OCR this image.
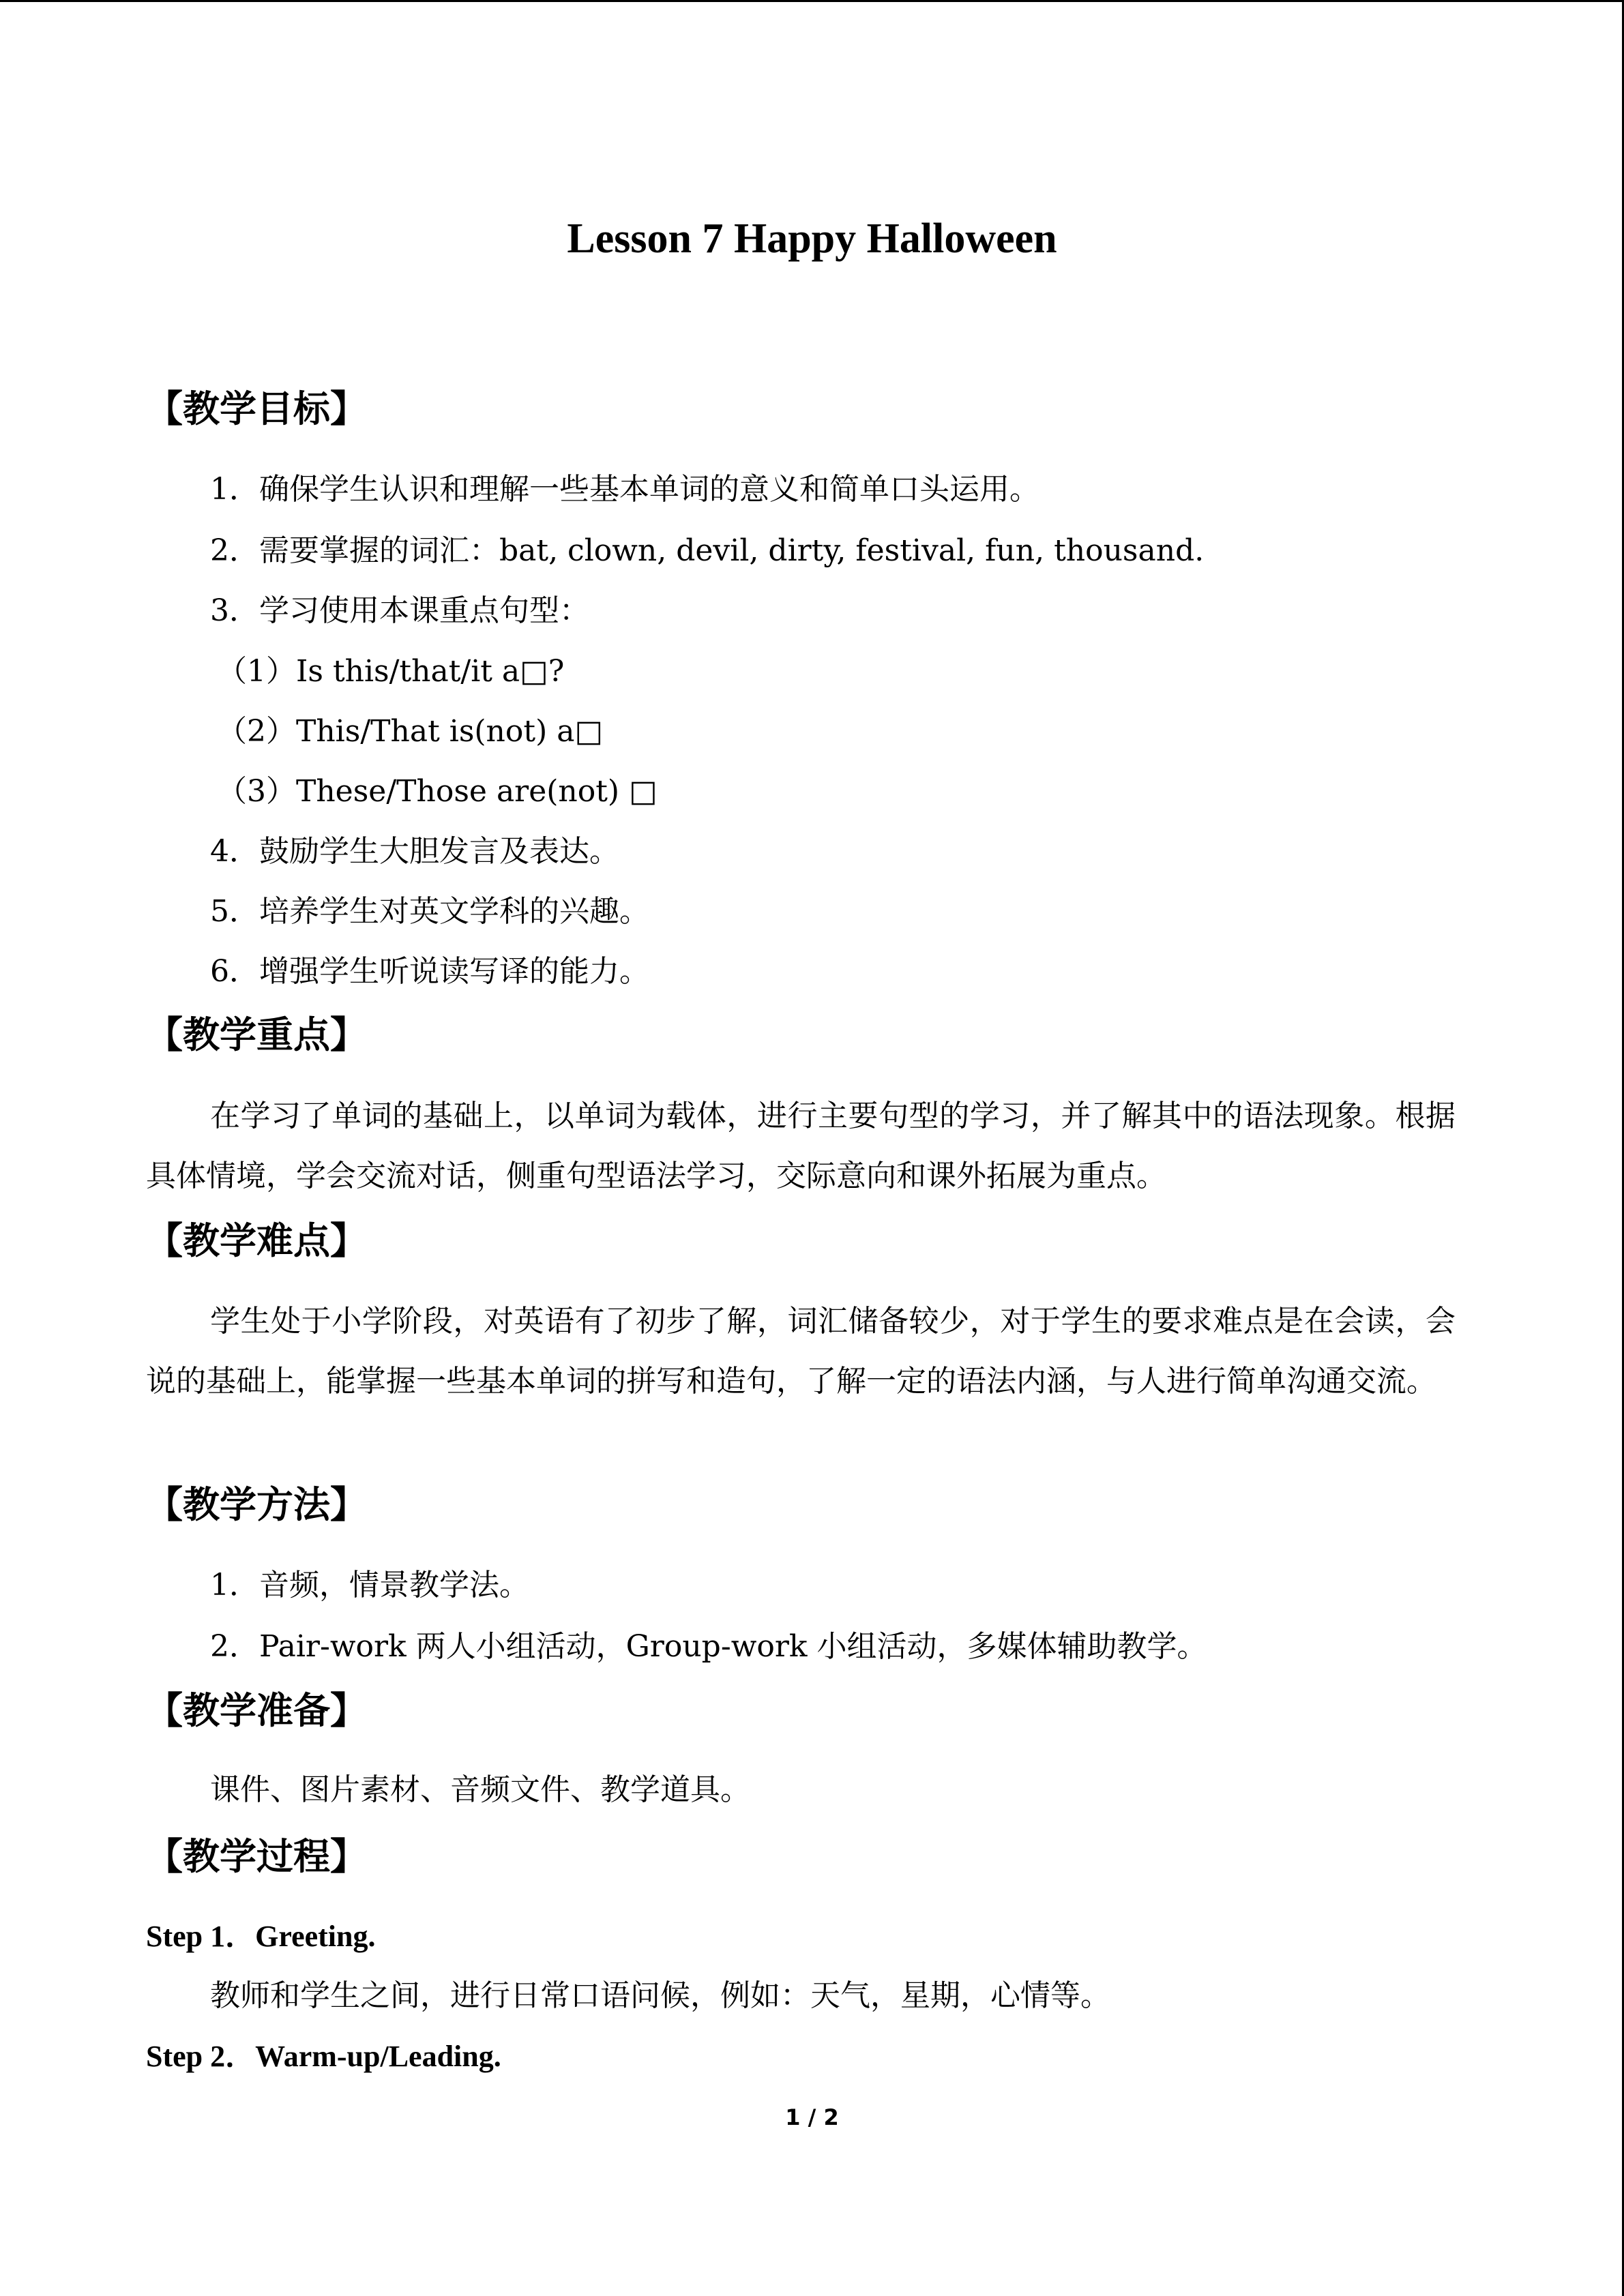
Lesson 7 Happy Halloween
【教学目标】
1．确保学生认识和理解一些基本单词的意义和简单口头运用。
2．需要掌握的词汇：bat, clown, devil, dirty, festival, fun, thousand.
3．学习使用本课重点句型：
（1）Is this/that/it a□?
（2）This/That is(not) a□
（3）These/Those are(not) □
4．鼓励学生大胆发言及表达。
5．培养学生对英文学科的兴趣。
6．增强学生听说读写译的能力。
【教学重点】
在学习了单词的基础上，以单词为载体，进行主要句型的学习，并了解其中的语法现象。根据具体情境，学会交流对话，侧重句型语法学习，交际意向和课外拓展为重点。
【教学难点】
学生处于小学阶段，对英语有了初步了解，词汇储备较少，对于学生的要求难点是在会读，会说的基础上，能掌握一些基本单词的拼写和造句，了解一定的语法内涵，与人进行简单沟通交流。
【教学方法】
1．音频，情景教学法。
2．Pair-work 两人小组活动，Group-work 小组活动，多媒体辅助教学。
【教学准备】
课件、图片素材、音频文件、教学道具。
【教学过程】
Step 1．Greeting.
教师和学生之间，进行日常口语问候，例如：天气，星期，心情等。
Step 2．Warm-up/Leading.
1 / 2
